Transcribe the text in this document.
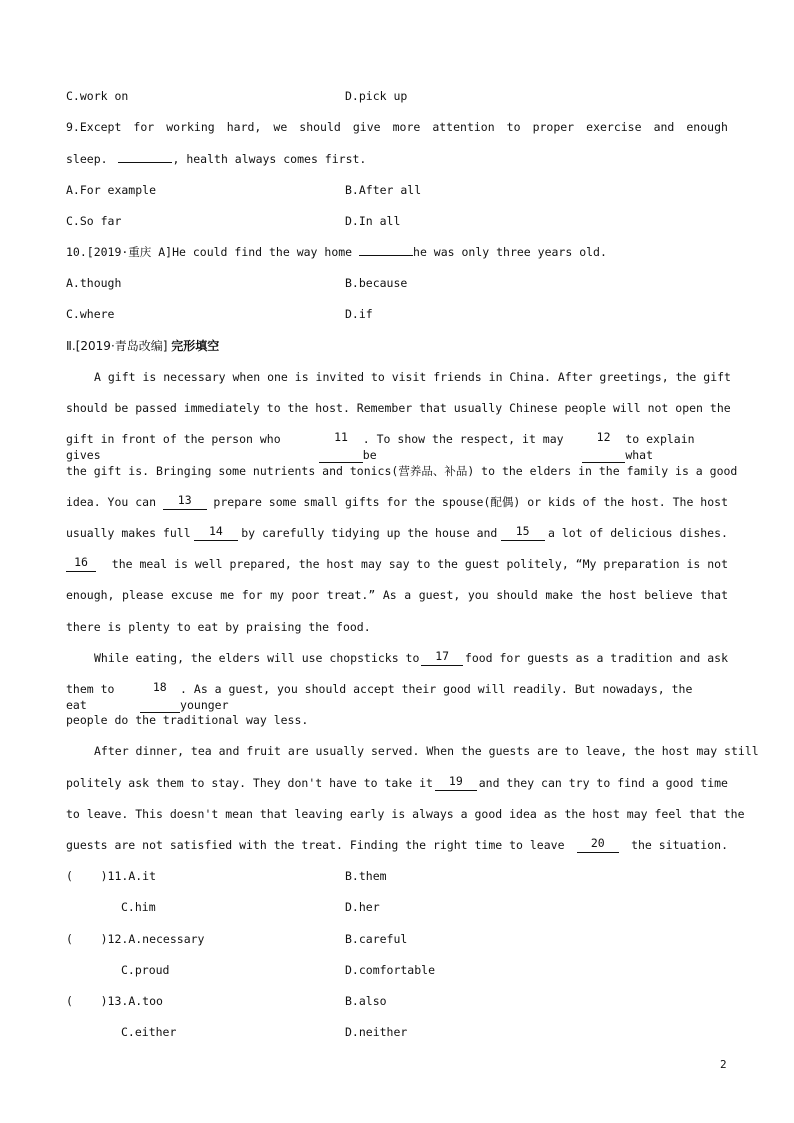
C.work on	D.pick up
9.Except for working hard, we should give more attention to proper exercise and enough
sleep.	, health always comes first.
A.For example	B.After all
C.So far	D.In all
10.[2019·重庆 A]He could find the way home	he was only three years old.
A.though	B.because
C.where	D.if
Ⅱ.[2019·青岛改编] 完形填空
A gift is necessary when one is invited to visit friends in China. After greetings, the gift
should be passed immediately to the host. Remember that usually Chinese people will not open the
gift in front of the person who gives
11	. To show the respect, it may be
12	to explain what
the gift is. Bringing some nutrients and tonics(营养品、补品) to the elders in the family is a good
idea. You can	13	prepare some small gifts for the spouse(配偶) or kids of the host. The host
usually makes full	14	by carefully tidying up the house and	15	a lot of delicious dishes.
16	the meal is well prepared, the host may say to the guest politely, “My preparation is not
enough, please excuse me for my poor treat.” As a guest, you should make the host believe that
there is plenty to eat by praising the food.
While eating, the elders will use chopsticks to	17	food for guests as a tradition and ask
them to eat
18	. As a guest, you should accept their good will readily. But nowadays, the younger
people do the traditional way less.
After dinner, tea and fruit are usually served. When the guests are to leave, the host may still
politely ask them to stay. They don't have to take it	19	and they can try to find a good time
to leave. This doesn't mean that leaving early is always a good idea as the host may feel that the
guests are not satisfied with the treat. Finding the right time to leave	20	the situation.
(    )11.A.it	B.them
C.him	D.her
(    )12.A.necessary	B.careful
C.proud	D.comfortable
(    )13.A.too	B.also
C.either	D.neither
2
